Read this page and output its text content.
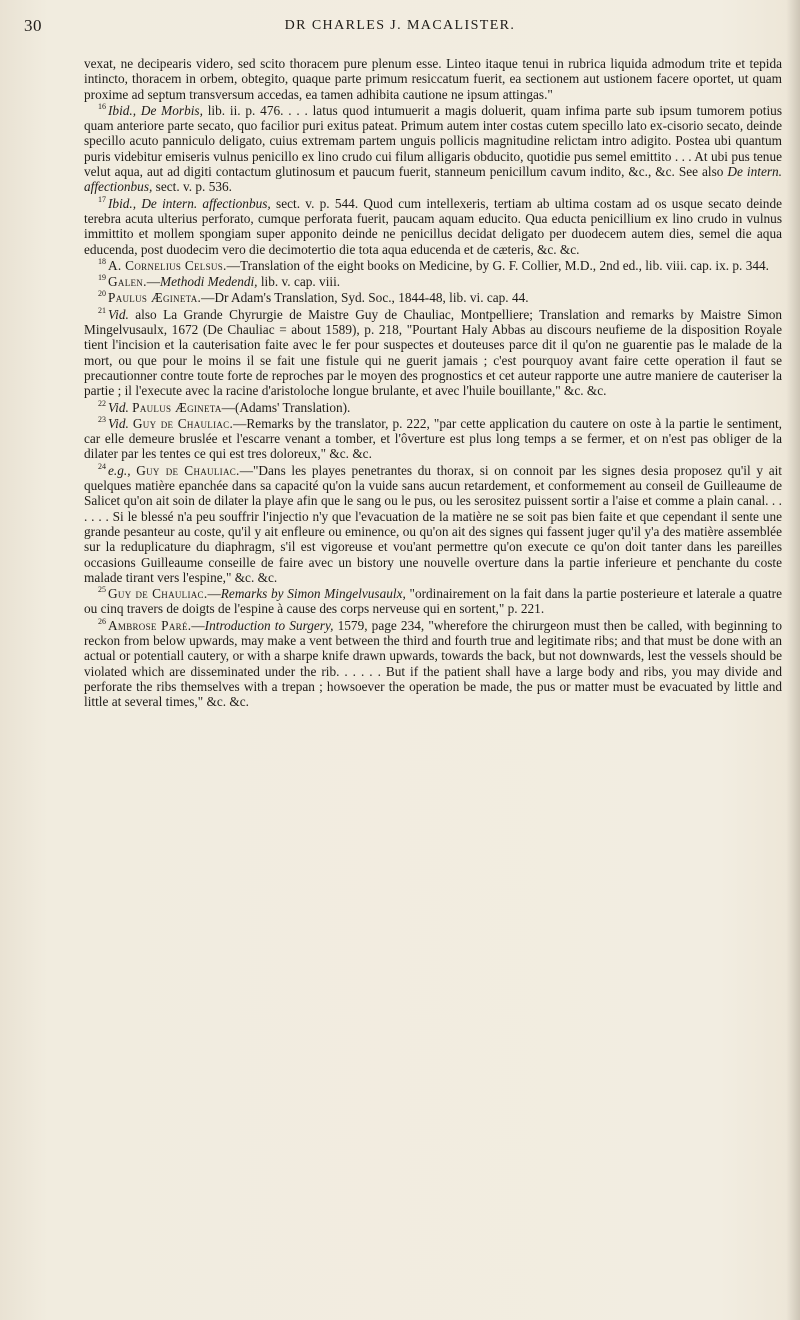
30	DR CHARLES J. MACALISTER.

vexat, ne decipearis videro, sed scito thoracem pure plenum esse. Linteo itaque tenui in rubrica liquida admodum trite et tepida intincto, thoracem in orbem, obtegito, quaque parte primum resiccatum fuerit, ea sectionem aut ustionem facere oportet, ut quam proxime ad septum transversum accedas, ea tamen adhibita cautione ne ipsum attingas."

$^{16}$ Ibid., De Morbis, lib. ii. p. 476. . . . latus quod intumuerit a magis doluerit, quam infima parte sub ipsum tumorem potius quam anteriore parte secato, quo facilior puri exitus pateat. Primum autem inter costas cutem specillo lato ex-cisorio secato, deinde specillo acuto panniculo deligato, cuius extremam partem unguis pollicis magnitudine relictam intro adigito. Postea ubi quantum puris videbitur emiseris vulnus penicillo ex lino crudo cui filum alligaris obducito, quotidie pus semel emittito . . . At ubi pus tenue velut aqua, aut ad digiti contactum glutinosum et paucum fuerit, stanneum penicillum cavum indito, &c., &c. See also De intern. affectionbus, sect. v. p. 536.

$^{17}$ Ibid., De intern. affectionbus, sect. v. p. 544. Quod cum intellexeris, tertiam ab ultima costam ad os usque secato deinde terebra acuta ulterius perforato, cumque perforata fuerit, paucam aquam educito. Qua educta penicillium ex lino crudo in vulnus immittito et mollem spongiam super apponito deinde ne penicillus decidat deligato per duodecem autem dies, semel die aqua educenda, post duodecim vero die decimotertio die tota aqua educenda et de cæteris, &c. &c.

$^{18}$ A. Cornelius Celsus.—Translation of the eight books on Medicine, by G. F. Collier, M.D., 2nd ed., lib. viii. cap. ix. p. 344.

$^{19}$ Galen.—Methodi Medendi, lib. v. cap. viii.

$^{20}$ Paulus Ægineta.—Dr Adam's Translation, Syd. Soc., 1844-48, lib. vi. cap. 44.

$^{21}$ Vid. also La Grande Chyrurgie de Maistre Guy de Chauliac, Montpelliere; Translation and remarks by Maistre Simon Mingelvusaulx, 1672 (De Chauliac = about 1589), p. 218, "Pourtant Haly Abbas au discours neufieme de la disposition Royale tient l'incision et la cauterisation faite avec le fer pour suspectes et douteuses parce dit il qu'on ne guarentie pas le malade de la mort, ou que pour le moins il se fait une fistule qui ne guerit jamais ; c'est pourquoy avant faire cette operation il faut se precautionner contre toute forte de reproches par le moyen des prognostics et cet auteur rapporte une autre maniere de cauteriser la partie ; il l'execute avec la racine d'aristoloche longue brulante, et avec l'huile bouillante," &c. &c.

$^{22}$ Vid. Paulus Ægineta—(Adams' Translation).

$^{23}$ Vid. Guy de Chauliac.—Remarks by the translator, p. 222, "par cette application du cautere on oste à la partie le sentiment, car elle demeure bruslée et l'escarre venant a tomber, et l'ôverture est plus long temps a se fermer, et on n'est pas obliger de la dilater par les tentes ce qui est tres doloreux," &c. &c.

$^{24}$ e.g., Guy de Chauliac.—"Dans les playes penetrantes du thorax, si on connoit par les signes desia proposez qu'il y ait quelques matière epanchée dans sa capacité qu'on la vuide sans aucun retardement, et conformement au conseil de Guilleaume de Salicet qu'on ait soin de dilater la playe afin que le sang ou le pus, ou les serositez puissent sortir a l'aise et comme a plain canal. . . . . . . Si le blessé n'a peu souffrir l'injectio n'y que l'evacuation de la matière ne se soit pas bien faite et que cependant il sente une grande pesanteur au coste, qu'il y ait enfleure ou eminence, ou qu'on ait des signes qui fassent juger qu'il y'a des matière assemblée sur la reduplicature du diaphragm, s'il est vigoreuse et vou'ant permettre qu'on execute ce qu'on doit tanter dans les pareilles occasions Guilleaume conseille de faire avec un bistory une nouvelle overture dans la partie inferieure et penchante du coste malade tirant vers l'espine," &c. &c.

$^{25}$ Guy de Chauliac.—Remarks by Simon Mingelvusaulx, "ordinairement on la fait dans la partie posterieure et laterale a quatre ou cinq travers de doigts de l'espine à cause des corps nerveuse qui en sortent," p. 221.

$^{26}$ Ambrose Paré.—Introduction to Surgery, 1579, page 234, "wherefore the chirurgeon must then be called, with beginning to reckon from below upwards, may make a vent between the third and fourth true and legitimate ribs; and that must be done with an actual or potentiall cautery, or with a sharpe knife drawn upwards, towards the back, but not downwards, lest the vessels should be violated which are disseminated under the rib. . . . . . But if the patient shall have a large body and ribs, you may divide and perforate the ribs themselves with a trepan ; howsoever the operation be made, the pus or matter must be evacuated by little and little at several times," &c. &c.
